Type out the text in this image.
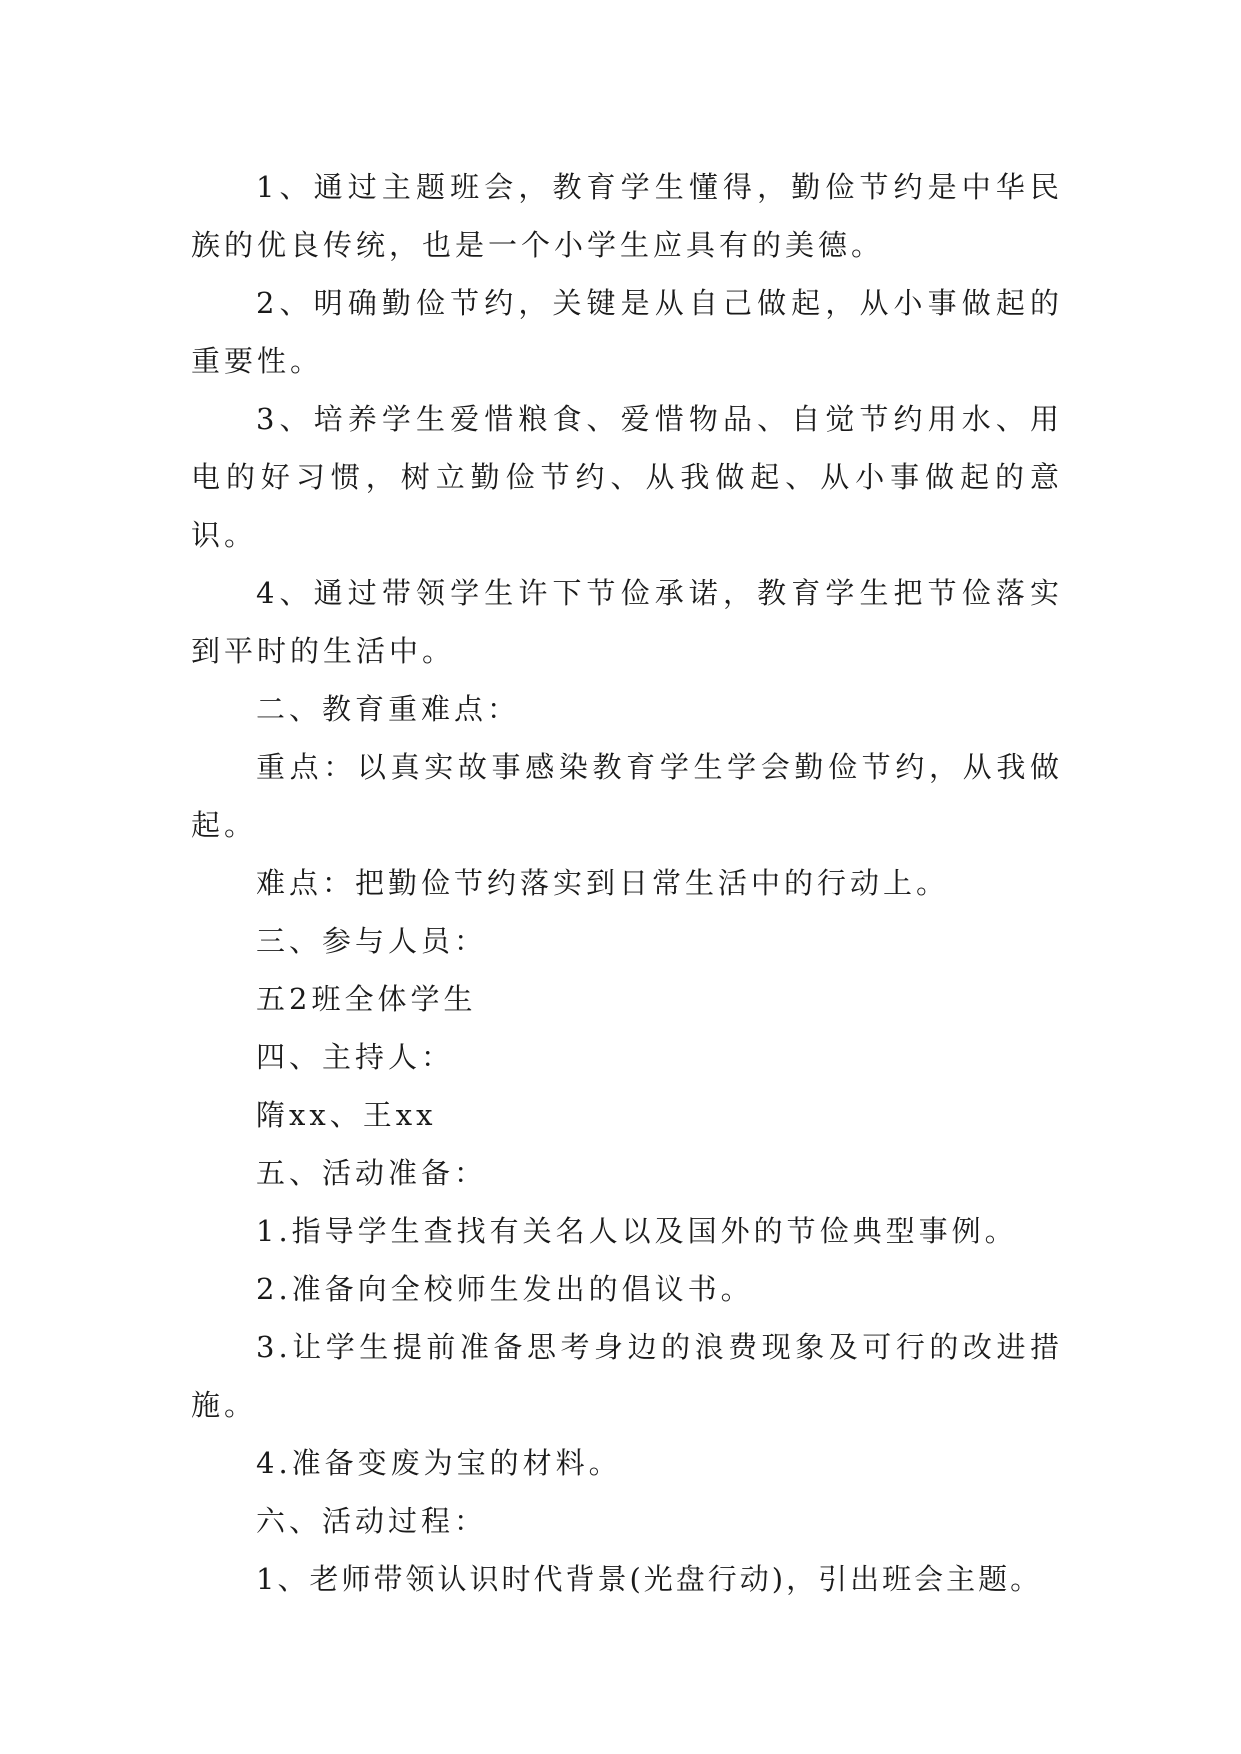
1、通过主题班会，教育学生懂得，勤俭节约是中华民族的优良传统，也是一个小学生应具有的美德。

2、明确勤俭节约，关键是从自己做起，从小事做起的重要性。

3、培养学生爱惜粮食、爱惜物品、自觉节约用水、用电的好习惯，树立勤俭节约、从我做起、从小事做起的意识。

4、通过带领学生许下节俭承诺，教育学生把节俭落实到平时的生活中。

二、教育重难点：

重点：以真实故事感染教育学生学会勤俭节约，从我做起。

难点：把勤俭节约落实到日常生活中的行动上。

三、参与人员：

五2班全体学生

四、主持人：

隋xx、王xx

五、活动准备：

1.指导学生查找有关名人以及国外的节俭典型事例。

2.准备向全校师生发出的倡议书。

3.让学生提前准备思考身边的浪费现象及可行的改进措施。

4.准备变废为宝的材料。

六、活动过程：

1、老师带领认识时代背景(光盘行动)，引出班会主题。
